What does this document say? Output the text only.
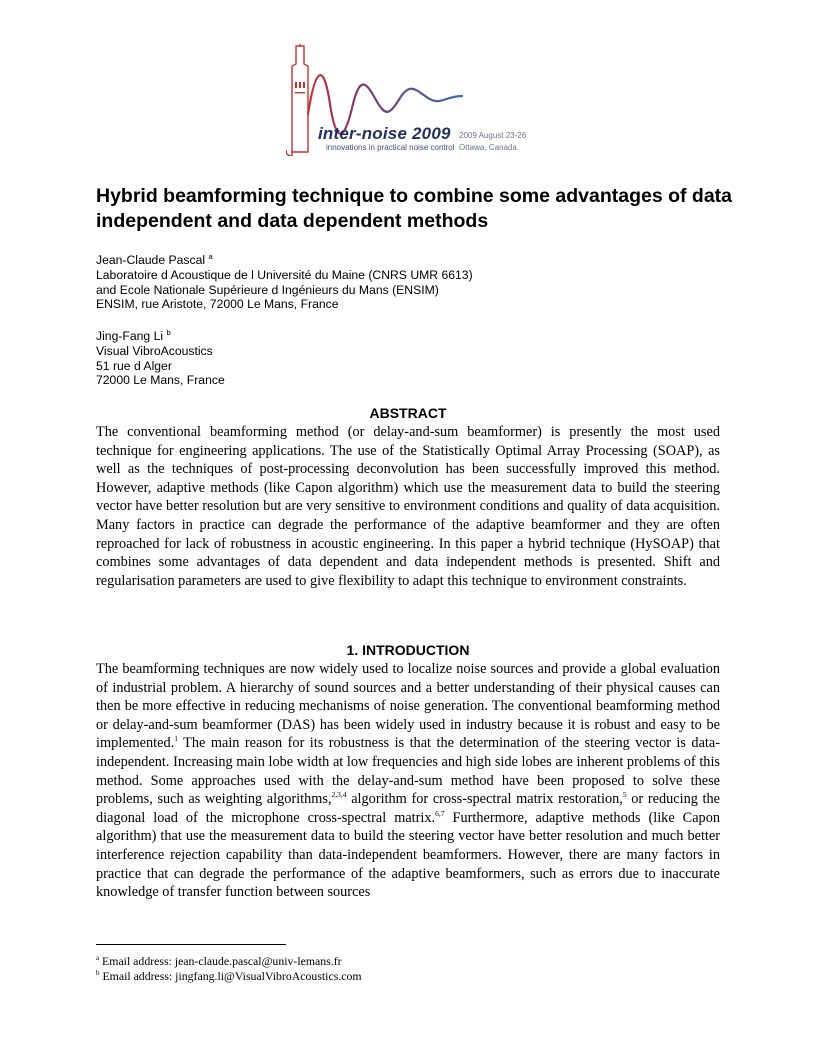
inter-noise 2009

innovations in practical noise control

2009 August 23-26

Ottawa, Canada

Hybrid beamforming technique to combine some advantages of data independent and data dependent methods
Jean-Claude Pascal $^a$
Laboratoire d Acoustique de l Université du Maine (CNRS UMR 6613)
and Ecole Nationale Supérieure d Ingénieurs du Mans (ENSIM)
ENSIM, rue Aristote, 72000 Le Mans, France
Jing-Fang Li $^b$
Visual VibroAcoustics
51 rue d Alger
72000 Le Mans, France
ABSTRACT

The conventional beamforming method (or delay-and-sum beamformer) is presently the most used technique for engineering applications. The use of the Statistically Optimal Array Processing (SOAP), as well as the techniques of post-processing deconvolution has been successfully improved this method. However, adaptive methods (like Capon algorithm) which use the measurement data to build the steering vector have better resolution but are very sensitive to environment conditions and quality of data acquisition. Many factors in practice can degrade the performance of the adaptive beamformer and they are often reproached for lack of robustness in acoustic engineering. In this paper a hybrid technique (HySOAP) that combines some advantages of data dependent and data independent methods is presented. Shift and regularisation parameters are used to give flexibility to adapt this technique to environment constraints.

1. INTRODUCTION

The beamforming techniques are now widely used to localize noise sources and provide a global evaluation of industrial problem. A hierarchy of sound sources and a better understanding of their physical causes can then be more effective in reducing mechanisms of noise generation. The conventional beamforming method or delay-and-sum beamformer (DAS) has been widely used in industry because it is robust and easy to be implemented.$^1$ The main reason for its robustness is that the determination of the steering vector is data-independent. Increasing main lobe width at low frequencies and high side lobes are inherent problems of this method. Some approaches used with the delay-and-sum method have been proposed to solve these problems, such as weighting algorithms,$^{2,3,4}$ algorithm for cross-spectral matrix restoration,$^5$ or reducing the diagonal load of the microphone cross-spectral matrix.$^{6,7}$ Furthermore, adaptive methods (like Capon algorithm) that use the measurement data to build the steering vector have better resolution and much better interference rejection capability than data-independent beamformers. However, there are many factors in practice that can degrade the performance of the adaptive beamformers, such as errors due to inaccurate knowledge of transfer function between sources

$^a$ Email address: jean-claude.pascal@univ-lemans.fr
$^b$ Email address: jingfang.li@VisualVibroAcoustics.com
